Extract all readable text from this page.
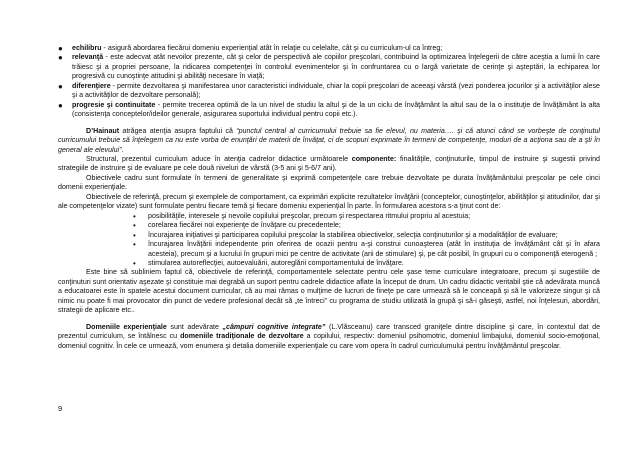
● echilibru - asigură abordarea fiecărui domeniu experienţial atât în relaţie cu celelalte, cât şi cu curriculum-ul ca întreg;
● relevanţă - este adecvat atât nevoilor prezente, cât şi celor de perspectivă ale copiilor preşcolari, contribuind la optimizarea înţelegerii de către aceştia a lumii în care trăiesc şi a propriei persoane, la ridicarea competenţei în controlul evenimentelor şi în confruntarea cu o largă varietate de cerinţe şi aşteptări, la echiparea lor progresivă cu cunoştinţe atitudini şi abilităţi necesare în viaţă;
● diferenţiere - permite dezvoltarea şi manifestarea unor caracteristici individuale, chiar la copii preşcolari de aceeaşi vârstă (vezi ponderea jocurilor şi a activităţilor alese şi a activităţilor de dezvoltare personală);
● progresie şi continuitate - permite trecerea optimă de la un nivel de studiu la altul şi de la un ciclu de învăţământ la altul sau de la o instituţie de învăţământ la alta (consistenţa conceptelor/ideilor generale, asigurarea suportului individual pentru copii etc.).

D’Hainaut atrăgea atenţia asupra faptului că “punctul central al curricumului trebuie sa fie elevul, nu materia…. şi că atunci când se vorbeşte de conţinutul curricumului trebuie să înţelegem ca nu este vorba de enunţări de materii de învăţat, ci de scopuri exprimate în termeni de competenţe, moduri de a acţiona sau de a şti în general ale elevului”.

Structural, prezentul curriculum aduce în atenţia cadrelor didactice următoarele componente: finalităţile, conţinuturile, timpul de instruire şi sugestii privind strategiile de instruire şi de evaluare pe cele două niveluri de vârstă (3-5 ani şi 5-6/7 ani).

Obiectivele cadru sunt formulate în termeni de generalitate şi exprimă competenţele care trebuie dezvoltate pe durata învăţământului preşcolar pe cele cinci domenii experienţiale.

Obiectivele de referinţă, precum şi exemplele de comportament, ca exprimări explicite rezultatelor învăţării (conceptelor, cunoştinţelor, abilităţilor şi atitudinilor, dar şi ale competenţelor vizate) sunt formulate pentru fiecare temă şi fiecare domeniu experienţial în parte. În formularea acestora s-a ţinut cont de:

• posibilităţile, interesele şi nevoile copilului preşcolar, precum şi respectarea ritmului propriu al acestuia;
• corelarea fiecărei noi experienţe de învăţare cu precedentele;
• încurajarea iniţiativei şi participarea copilului preşcolar la stabilirea obiectivelor, selecţia conţinuturilor şi a modalităţilor de evaluare;
• încurajarea învăţării independente prin oferirea de ocazii pentru a-şi construi cunoaşterea (atât în instituţia de învăţământ cât şi în afara acesteia), precum şi a lucrului în grupuri mici pe centre de activitate (arii de stimulare) şi, pe cât posibil, în grupuri cu o componenţă eterogenă ;
• stimularea autoreflecţiei, autoevaluării, autoreglării comportamentului de învăţare.

Este bine să subliniem faptul că, obiectivele de referinţă, comportamentele selectate pentru cele şase teme curriculare integratoare, precum şi sugestiile de conţinuturi sunt orientativ aşezate şi constituie mai degrabă un suport pentru cadrele didactice aflate la început de drum. Un cadru didactic veritabil ştie că adevărata muncă a educatoarei este în spatele acestui document curricular, că au mai rămas o mulţime de lucruri de fineţe pe care urmează să le conceapă şi să le valorizeze singur şi că nimic nu poate fi mai provocator din punct de vedere profesional decât să „te întreci” cu programa de studiu utilizată la grupă şi să-i găseşti, astfel, noi înţelesuri, abordări, strategii de aplicare etc..

Domeniile experienţiale sunt adevărate „câmpuri cognitive integrate” (L.Vlăsceanu) care transced graniţele dintre discipline şi care, în contextul dat de prezentul curriculum, se întâlnesc cu domeniile tradiţionale de dezvoltare a copilului, respectiv: domeniul psihomotric, domeniul limbajului, domeniul socio-emoţional, domeniul cognitiv. În cele ce urmează, vom enumera şi detalia domeniile experienţiale cu care vom opera în cadrul curriculumului pentru învăţământul preşcolar.

9
